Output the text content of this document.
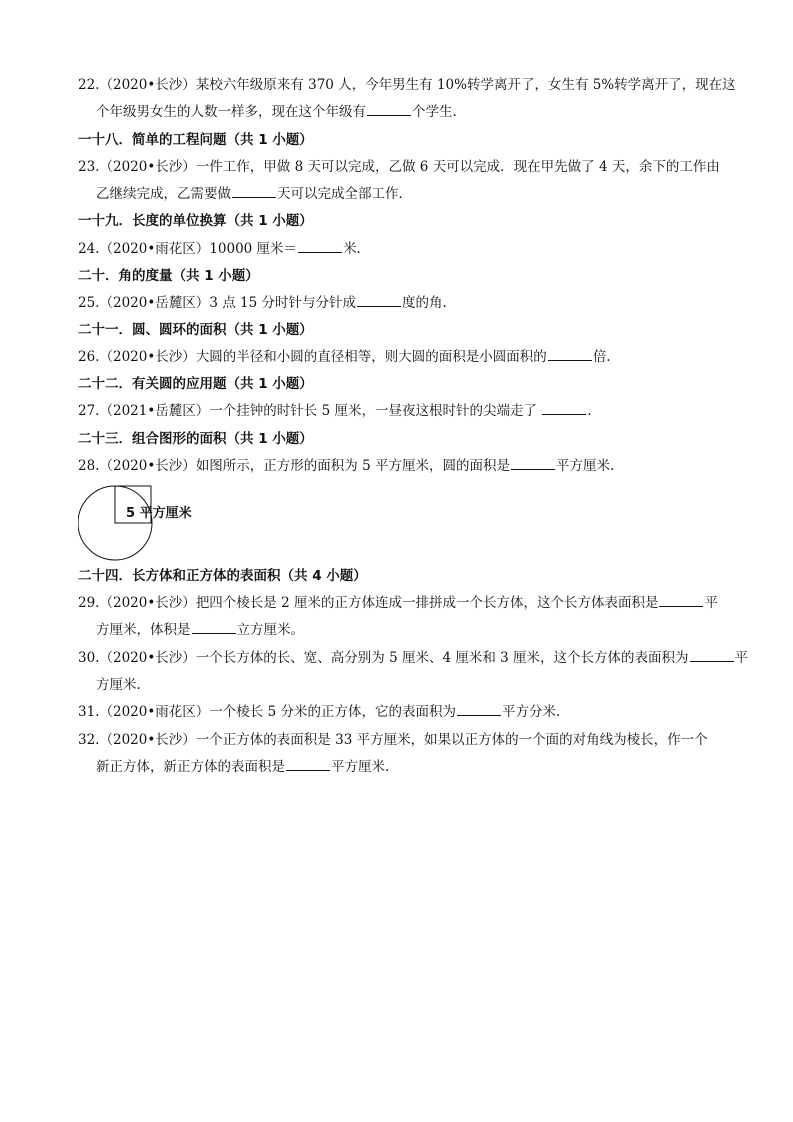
22.（2020•长沙）某校六年级原来有 370 人，今年男生有 10%转学离开了，女生有 5%转学离开了，现在这
个年级男女生的人数一样多，现在这个年级有	个学生.
一十八．简单的工程问题（共 1 小题）
23.（2020•长沙）一件工作，甲做 8 天可以完成，乙做 6 天可以完成．现在甲先做了 4 天，余下的工作由
乙继续完成，乙需要做	天可以完成全部工作．
一十九．长度的单位换算（共 1 小题）
24.（2020•雨花区）10000 厘米＝	米.
二十．角的度量（共 1 小题）
25.（2020•岳麓区）3 点 15 分时针与分针成	度的角.
二十一．圆、圆环的面积（共 1 小题）
26.（2020•长沙）大圆的半径和小圆的直径相等，则大圆的面积是小圆面积的	倍.
二十二．有关圆的应用题（共 1 小题）
27.（2021•岳麓区）一个挂钟的时针长 5 厘米，一昼夜这根时针的尖端走了	.
二十三．组合图形的面积（共 1 小题）
28.（2020•长沙）如图所示，正方形的面积为 5 平方厘米，圆的面积是	平方厘米.
5 平方厘米
二十四．长方体和正方体的表面积（共 4 小题）
29.（2020•长沙）把四个棱长是 2 厘米的正方体连成一排拼成一个长方体，这个长方体表面积是	平
方厘米，体积是	立方厘米。
30.（2020•长沙）一个长方体的长、宽、高分别为 5 厘米、4 厘米和 3 厘米，这个长方体的表面积为	平
方厘米.
31.（2020•雨花区）一个棱长 5 分米的正方体，它的表面积为	平方分米.
32.（2020•长沙）一个正方体的表面积是 33 平方厘米，如果以正方体的一个面的对角线为棱长，作一个
新正方体，新正方体的表面积是	平方厘米.
